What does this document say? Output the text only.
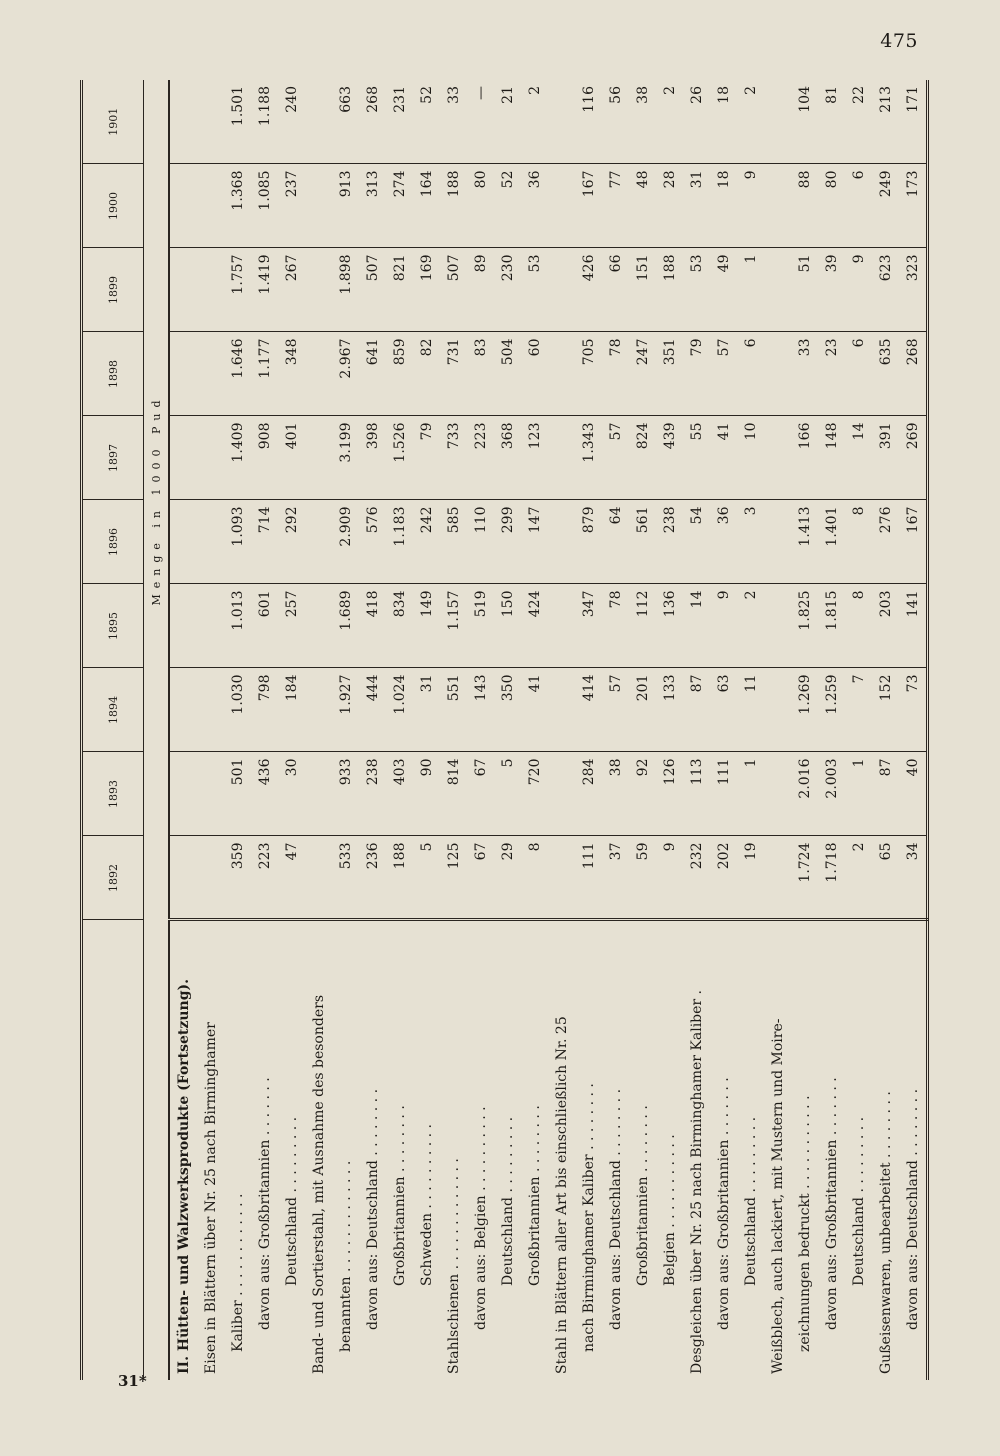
475
31*
	1892	1893	1894	1895	1896	1897	1898	1899	1900	1901
	Menge in 1000 Pud									
II. Hütten- und Walzwerksprodukte (Fortsetzung).										
Eisen in Blättern über Nr. 25 nach Birminghamer										
Kaliber . . . . . . . . . . . .	359	501	1.030	1.013	1.093	1.409	1.646	1.757	1.368	1.501
davon aus: Großbritannien . . . . . . .	223	436	798	601	714	908	1.177	1.419	1.085	1.188
Deutschland . . . . . . . . .	47	30	184	257	292	401	348	267	237	240
Band- und Sortierstahl, mit Ausnahme des besonders										
benannten . . . . . . . . . . . . .	533	933	1.927	1.689	2.909	3.199	2.967	1.898	913	663
davon aus: Deutschland . . . . . . . .	236	238	444	418	576	398	641	507	313	268
Großbritannien . . . . . . . .	188	403	1.024	834	1.183	1.526	859	821	274	231
Schweden . . . . . . . . . .	5	90	31	149	242	79	82	169	164	52
Stahlschienen . . . . . . . . . . . . .	125	814	551	1.157	585	733	731	507	188	33
davon aus: Belgien . . . . . . . . . .	67	67	143	519	110	223	83	89	80	—
Deutschland . . . . . . . . .	29	5	350	150	299	368	504	230	52	21
Großbritannien . . . . . . . .	8	720	41	424	147	123	60	53	36	2
Stahl in Blättern aller Art bis einschließlich Nr. 25										
nach Birminghamer Kaliber . . . . . . . .	111	284	414	347	879	1.343	705	426	167	116
davon aus: Deutschland . . . . . . . .	37	38	57	78	64	57	78	66	77	56
Großbritannien . . . . . . . .	59	92	201	112	561	824	247	151	48	38
Belgien . . . . . . . . . . .	9	126	133	136	238	439	351	188	28	2
Desgleichen über Nr. 25 nach Birminghamer Kaliber .	232	113	87	14	54	55	79	53	31	26
davon aus: Großbritannien . . . . . . .	202	111	63	9	36	41	57	49	18	18
Deutschland . . . . . . . . .	19	1	11	2	3	10	6	1	9	2
Weißblech, auch lackiert, mit Mustern und Moire-										
zeichnungen bedruckt . . . . . . . . . . .	1.724	2.016	1.269	1.825	1.413	166	33	51	88	104
davon aus: Großbritannien . . . . . . .	1.718	2.003	1.259	1.815	1.401	148	23	39	80	81
Deutschland . . . . . . . . .	2	1	7	8	8	14	6	9	6	22
Gußeisenwaren, unbearbeitet . . . . . . . .	65	87	152	203	276	391	635	623	249	213
davon aus: Deutschland . . . . . . . .	34	40	73	141	167	269	268	323	173	171
